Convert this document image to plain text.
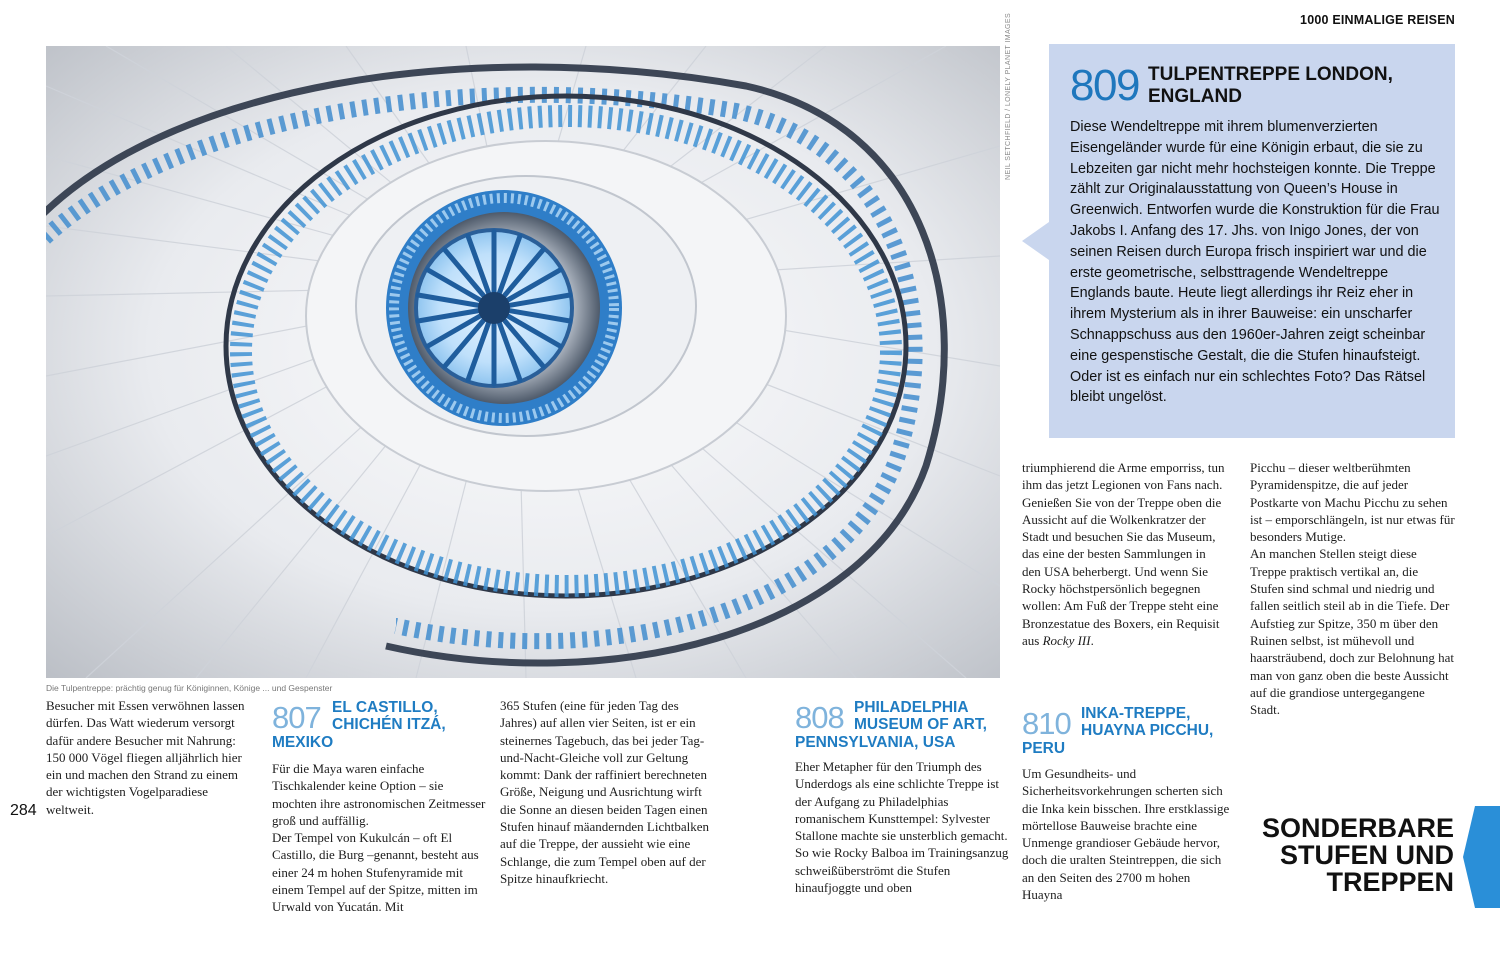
1000 EINMALIGE REISEN
NEIL SETCHFIELD / LONELY PLANET IMAGES
Die Tulpentreppe: prächtig genug für Königinnen, Könige ... und Gespenster
809 TULPENTREPPE LONDON,
ENGLAND
Diese Wendeltreppe mit ihrem blumenverzierten Eisengeländer wurde für eine Königin erbaut, die sie zu Lebzeiten gar nicht mehr hochsteigen konnte. Die Treppe zählt zur Originalausstattung von Queen’s House in Greenwich. Entworfen wurde die Konstruktion für die Frau Jakobs I. Anfang des 17. Jhs. von Inigo Jones, der von seinen Reisen durch Europa frisch inspiriert war und die erste geometrische, selbsttragende Wendeltreppe Englands baute. Heute liegt allerdings ihr Reiz eher in ihrem Mysterium als in ihrer Bauweise: ein unscharfer Schnappschuss aus den 1960er-Jahren zeigt scheinbar eine gespenstische Gestalt, die die Stufen hinaufsteigt. Oder ist es einfach nur ein schlechtes Foto? Das Rätsel bleibt ungelöst.
Besucher mit Essen verwöhnen lassen dürfen. Das Watt wiederum versorgt dafür andere Besucher mit Nahrung: 150 000 Vögel fliegen alljährlich hier ein und machen den Strand zu einem der wichtigsten Vogelparadiese weltweit.
284
807 EL CASTILLO,
CHICHÉN ITZÁ,
MEXIKO
Für die Maya waren einfache Tischkalender keine Option – sie mochten ihre astronomischen Zeitmesser groß und auffällig.
Der Tempel von Kukulcán – oft El Castillo, die Burg –genannt, besteht aus einer 24 m hohen Stufenyramide mit einem Tempel auf der Spitze, mitten im Urwald von Yucatán. Mit
365 Stufen (eine für jeden Tag des Jahres) auf allen vier Seiten, ist er ein steinernes Tagebuch, das bei jeder Tag-und-Nacht-Gleiche voll zur Geltung kommt: Dank der raffiniert berechneten Größe, Neigung und Ausrichtung wirft die Sonne an diesen beiden Tagen einen Stufen hinauf mäandernden Lichtbalken auf die Treppe, der aussieht wie eine Schlange, die zum Tempel oben auf der Spitze hinaufkriecht.
808 PHILADELPHIA
MUSEUM OF ART,
PENNSYLVANIA, USA
Eher Metapher für den Triumph des Underdogs als eine schlichte Treppe ist der Aufgang zu Philadelphias romanischem Kunsttempel: Sylvester Stallone machte sie unsterblich gemacht. So wie Rocky Balboa im Trainingsanzug schweißüberströmt die Stufen hinaufjoggte und oben
triumphierend die Arme emporriss, tun ihm das jetzt Legionen von Fans nach. Genießen Sie von der Treppe oben die Aussicht auf die Wolkenkratzer der Stadt und besuchen Sie das Museum, das eine der besten Sammlungen in den USA beherbergt. Und wenn Sie Rocky höchstpersönlich begegnen wollen: Am Fuß der Treppe steht eine Bronzestatue des Boxers, ein Requisit aus Rocky III.
810 INKA-TREPPE,
HUAYNA PICCHU,
PERU
Um Gesundheits- und Sicherheitsvorkehrungen scherten sich die Inka kein bisschen. Ihre erstklassige mörtellose Bauweise brachte eine Unmenge grandioser Gebäude hervor, doch die uralten Steintreppen, die sich an den Seiten des 2700 m hohen Huayna
Picchu – dieser weltberühmten Pyramidenspitze, die auf jeder Postkarte von Machu Picchu zu sehen ist – emporschlängeln, ist nur etwas für besonders Mutige.
An manchen Stellen steigt diese Treppe praktisch vertikal an, die Stufen sind schmal und niedrig und fallen seitlich steil ab in die Tiefe. Der Aufstieg zur Spitze, 350 m über den Ruinen selbst, ist mühevoll und haarsträubend, doch zur Belohnung hat man von ganz oben die beste Aussicht auf die grandiose untergegangene Stadt.
SONDERBARE
STUFEN UND
TREPPEN
